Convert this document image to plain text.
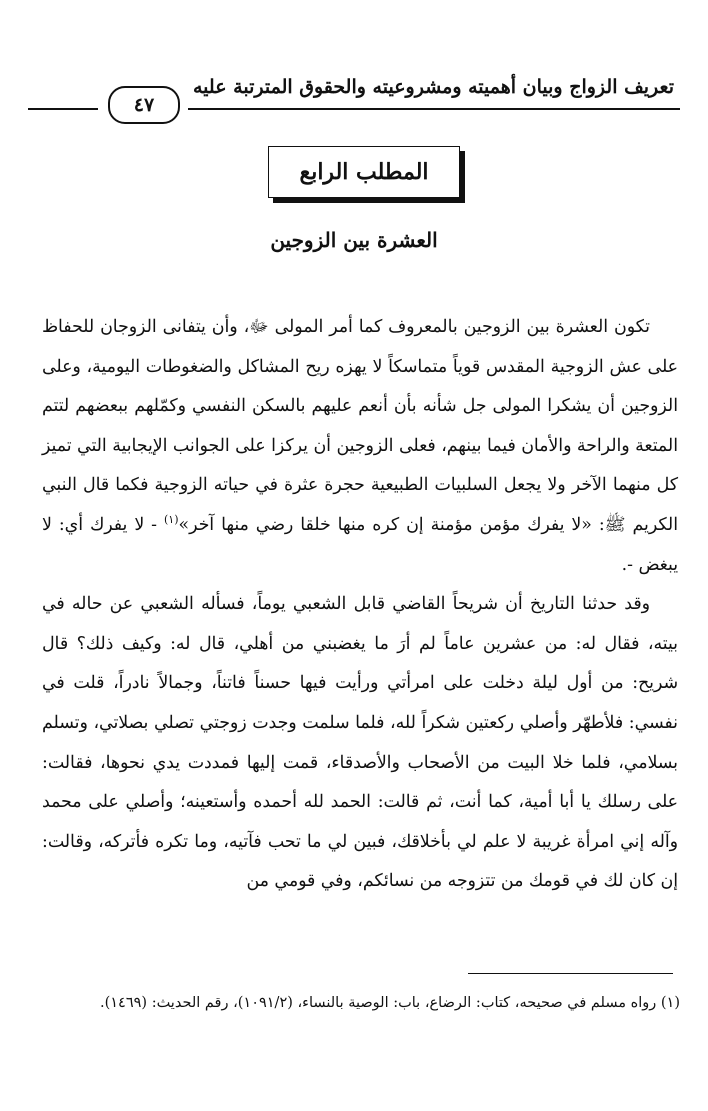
تعريف الزواج وبيان أهميته ومشروعيته والحقوق المترتبة عليه
٤٧
المطلب الرابع
العشرة بين الزوجين

تكون العشرة بين الزوجين بالمعروف كما أمر المولى ﷻ، وأن يتفانى الزوجان للحفاظ على عش الزوجية المقدس قوياً متماسكاً لا يهزه ريح المشاكل والضغوطات اليومية، وعلى الزوجين أن يشكرا المولى جل شأنه بأن أنعم عليهم بالسكن النفسي وكمّلهم ببعضهم لتتم المتعة والراحة والأمان فيما بينهم، فعلى الزوجين أن يركزا على الجوانب الإيجابية التي تميز كل منهما الآخر ولا يجعل السلبيات الطبيعية حجرة عثرة في حياته الزوجية فكما قال النبي الكريم ﷺ: «لا يفرك مؤمن مؤمنة إن كره منها خلقا رضي منها آخر»$^{(١)}$ - لا يفرك أي: لا يبغض -.

وقد حدثنا التاريخ أن شريحاً القاضي قابل الشعبي يوماً، فسأله الشعبي عن حاله في بيته، فقال له: من عشرين عاماً لم أرَ ما يغضبني من أهلي، قال له: وكيف ذلك؟ قال شريح: من أول ليلة دخلت على امرأتي ورأيت فيها حسناً فاتناً، وجمالاً نادراً، قلت في نفسي: فلأطهّر وأصلي ركعتين شكراً لله، فلما سلمت وجدت زوجتي تصلي بصلاتي، وتسلم بسلامي، فلما خلا البيت من الأصحاب والأصدقاء، قمت إليها فمددت يدي نحوها، فقالت: على رسلك يا أبا أمية، كما أنت، ثم قالت: الحمد لله أحمده وأستعينه؛ وأصلي على محمد وآله إني امرأة غريبة لا علم لي بأخلاقك، فبين لي ما تحب فآتيه، وما تكره فأتركه، وقالت: إن كان لك في قومك من تتزوجه من نسائكم، وفي قومي من

(١) رواه مسلم في صحيحه، كتاب: الرضاع، باب: الوصية بالنساء، (١٠٩١/٢)، رقم الحديث: (١٤٦٩).
